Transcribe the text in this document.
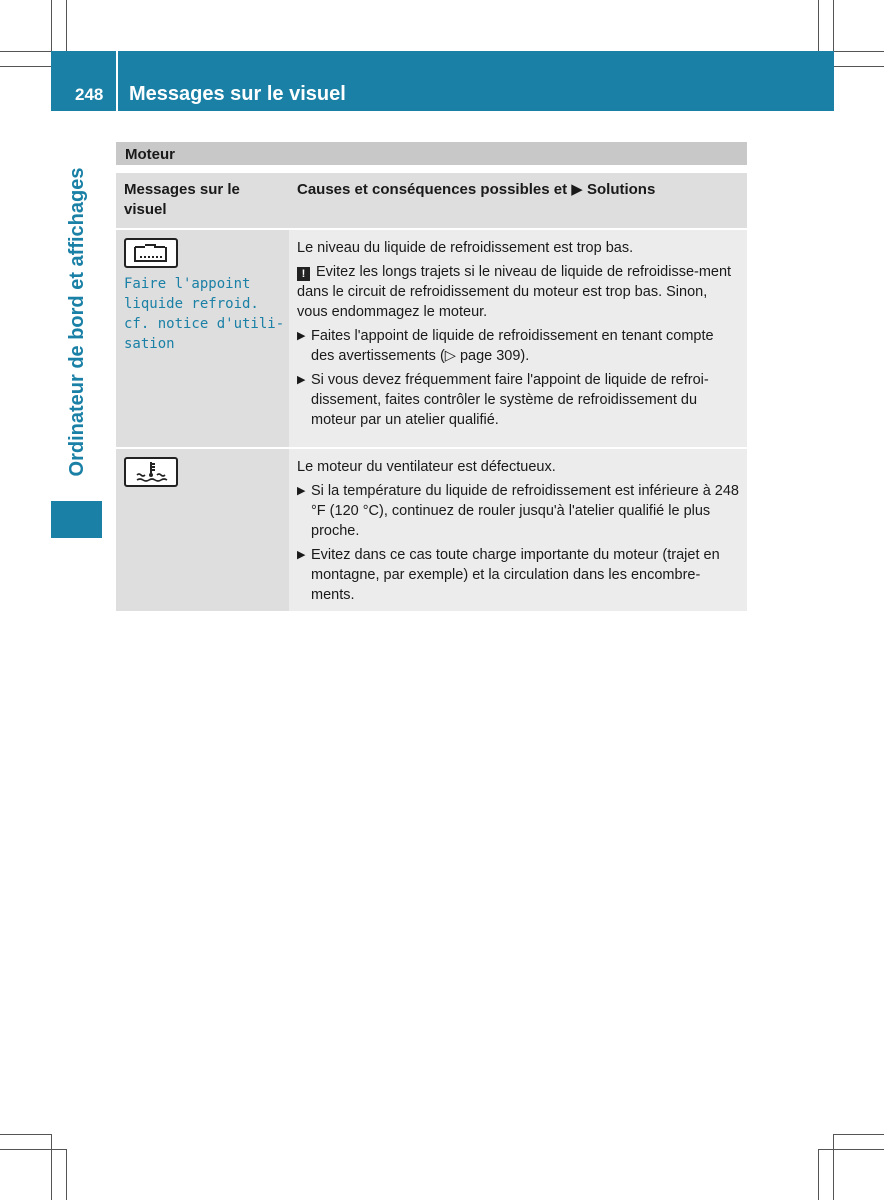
248 Messages sur le visuel
Ordinateur de bord et affichages
Moteur
Messages sur le visuel
Causes et conséquences possibles et ▶ Solutions
Faire l'appoint
liquide refroid.
cf. notice d'utili-
sation

Le niveau du liquide de refroidissement est trop bas.

! Evitez les longs trajets si le niveau de liquide de refroidisse-ment dans le circuit de refroidissement du moteur est trop bas. Sinon, vous endommagez le moteur.

▶ Faites l'appoint de liquide de refroidissement en tenant compte des avertissements (▷ page 309).
▶ Si vous devez fréquemment faire l'appoint de liquide de refroi-dissement, faites contrôler le système de refroidissement du moteur par un atelier qualifié.

Le moteur du ventilateur est défectueux.

▶ Si la température du liquide de refroidissement est inférieure à 248 °F (120 °C), continuez de rouler jusqu'à l'atelier qualifié le plus proche.
▶ Evitez dans ce cas toute charge importante du moteur (trajet en montagne, par exemple) et la circulation dans les encombre-ments.
